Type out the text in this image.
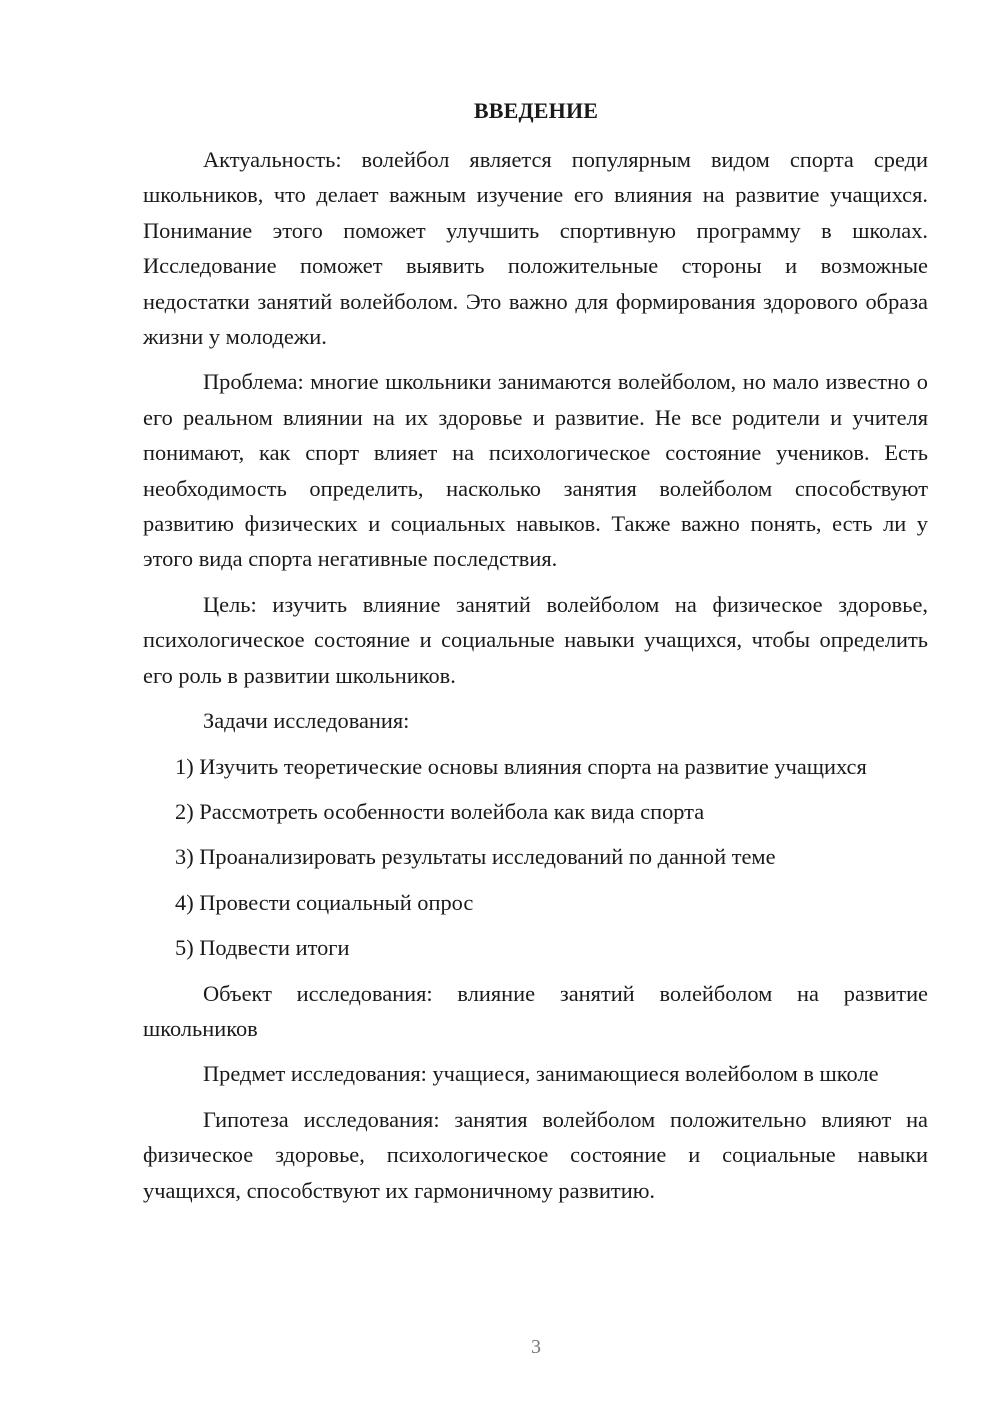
ВВЕДЕНИЕ

Актуальность: волейбол является популярным видом спорта среди школьников, что делает важным изучение его влияния на развитие учащихся. Понимание этого поможет улучшить спортивную программу в школах. Исследование поможет выявить положительные стороны и возможные недостатки занятий волейболом. Это важно для формирования здорового образа жизни у молодежи.

Проблема: многие школьники занимаются волейболом, но мало известно о его реальном влиянии на их здоровье и развитие. Не все родители и учителя понимают, как спорт влияет на психологическое состояние учеников. Есть необходимость определить, насколько занятия волейболом способствуют развитию физических и социальных навыков. Также важно понять, есть ли у этого вида спорта негативные последствия.

Цель: изучить влияние занятий волейболом на физическое здоровье, психологическое состояние и социальные навыки учащихся, чтобы определить его роль в развитии школьников.

Задачи исследования:

1) Изучить теоретические основы влияния спорта на развитие учащихся

2) Рассмотреть особенности волейбола как вида спорта

3) Проанализировать результаты исследований по данной теме

4) Провести социальный опрос

5) Подвести итоги

Объект исследования: влияние занятий волейболом на развитие школьников

Предмет исследования: учащиеся, занимающиеся волейболом в школе

Гипотеза исследования: занятия волейболом положительно влияют на физическое здоровье, психологическое состояние и социальные навыки учащихся, способствуют их гармоничному развитию.

3
